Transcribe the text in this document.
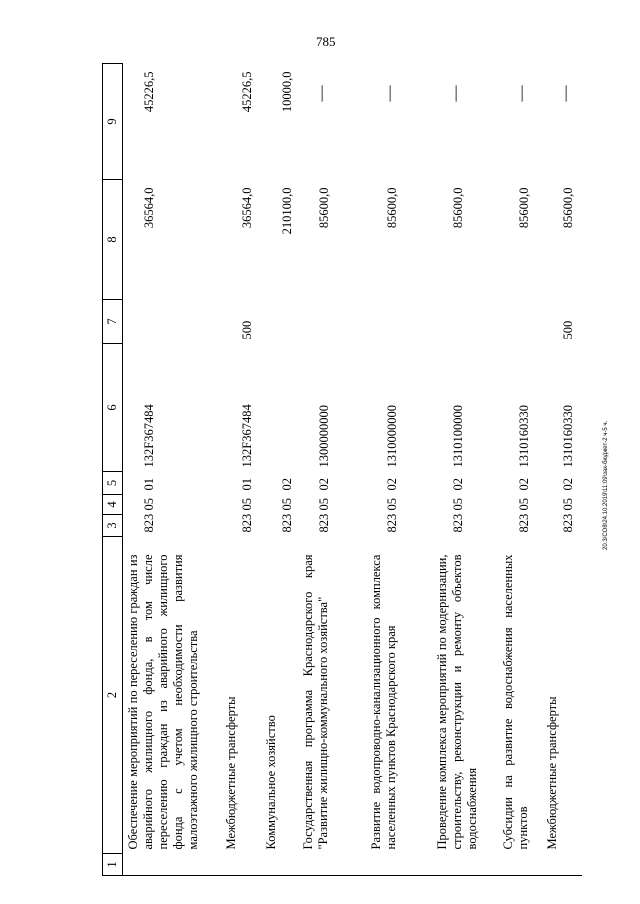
785
20.3/CO8\24.10.2019\11:09\зак-бюджет-2 ч-5 ч.
1	2	3	4	5	6	7	8	9
	Обеспечение мероприятий по переселению граждан из аварийного жилищного фонда, в том числе переселению граждан из аварийного жилищного фонда с учетом необходимости развития малоэтажного жилищного строительства	823	05	01	132F367484		36564,0	45226,5
	Межбюджетные трансферты	823	05	01	132F367484	500	36564,0	45226,5
	Коммунальное хозяйство	823	05	02			210100,0	10000,0
	Государственная программа Краснодарского края "Развитие жилищно-коммунального хозяйства"	823	05	02	1300000000		85600,0	—
	Развитие водопроводно-канализационного комплекса населенных пунктов Краснодарского края	823	05	02	1310000000		85600,0	—
	Проведение комплекса мероприятий по модернизации, строительству, реконструкции и ремонту объектов водоснабжения	823	05	02	1310100000		85600,0	—
	Субсидии на развитие водоснабжения населенных пунктов	823	05	02	1310160330		85600,0	—
	Межбюджетные трансферты	823	05	02	1310160330	500	85600,0	—
